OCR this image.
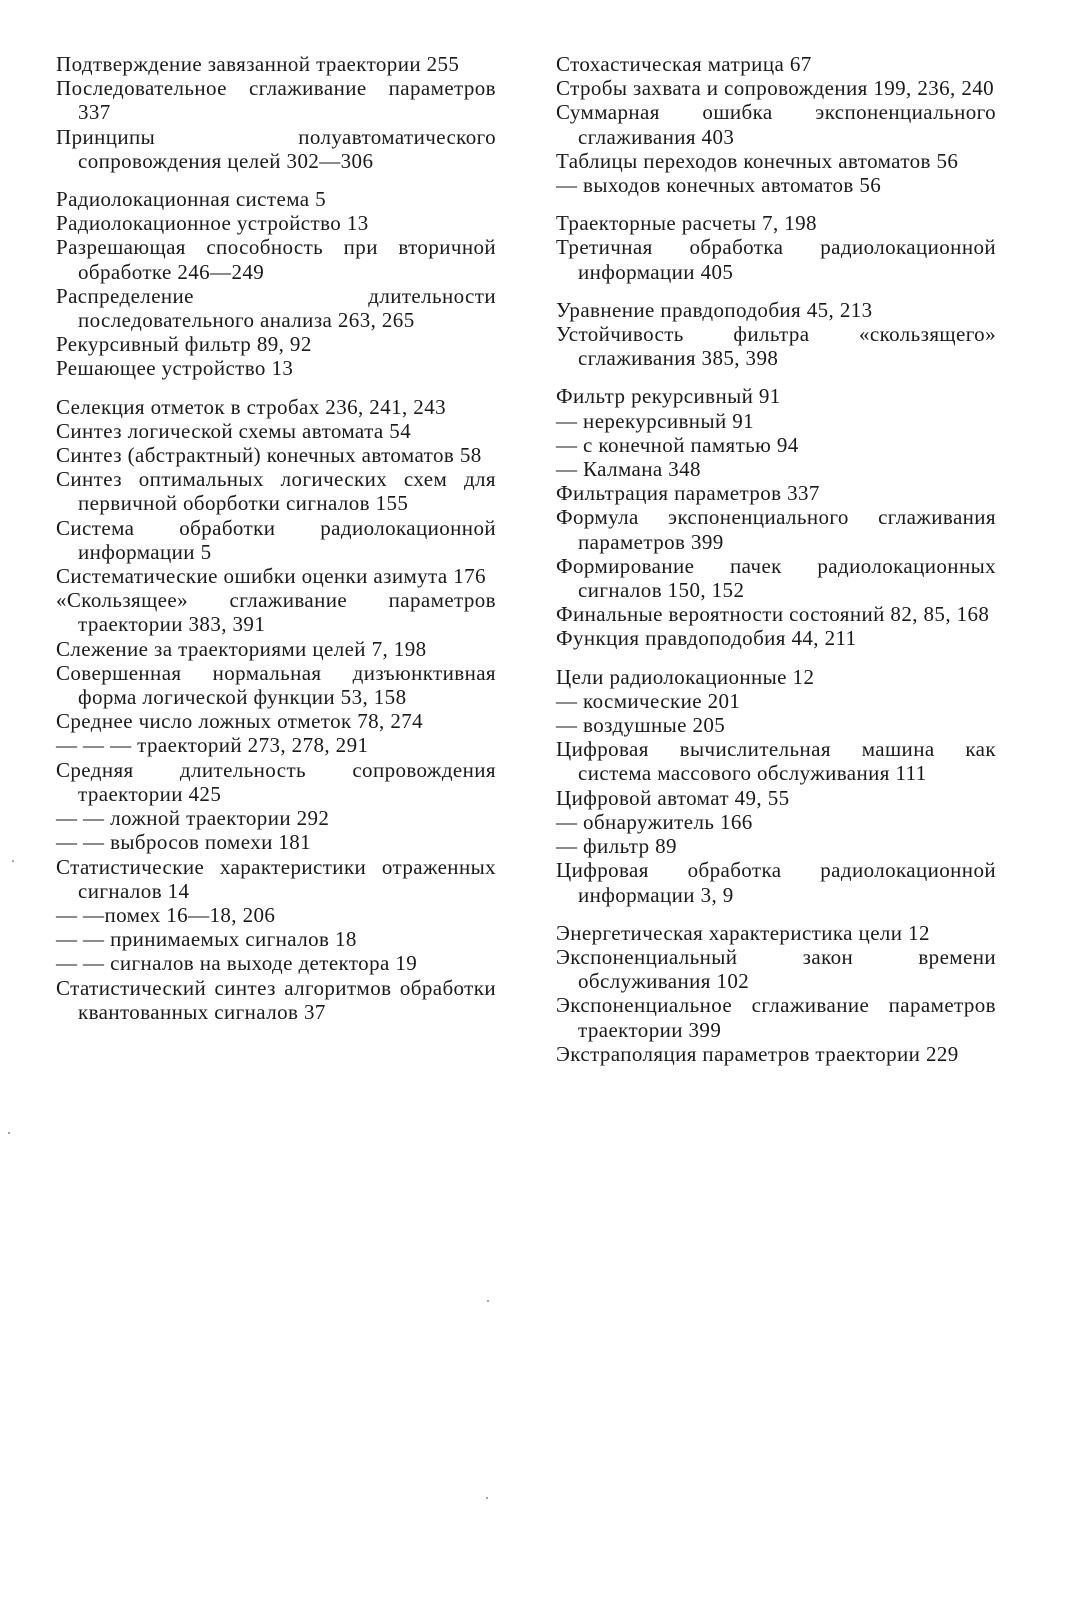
Подтверждение завязанной траектории 255

Последовательное сглаживание параметров 337

Принципы полуавтоматического сопровождения целей 302—306

Радиолокационная система 5

Радиолокационное устройство 13

Разрешающая способность при вторичной обработке 246—249

Распределение длительности последовательного анализа 263, 265

Рекурсивный фильтр 89, 92

Решающее устройство 13

Селекция отметок в стробах 236, 241, 243

Синтез логической схемы автомата 54

Синтез (абстрактный) конечных автоматов 58

Синтез оптимальных логических схем для первичной оборботки сигналов 155

Система обработки радиолокационной информации 5

Систематические ошибки оценки азимута 176

«Скользящее» сглаживание параметров траектории 383, 391

Слежение за траекториями целей 7, 198

Совершенная нормальная дизъюнктивная форма логической функции 53, 158

Среднее число ложных отметок 78, 274

— — — траекторий 273, 278, 291

Средняя длительность сопровождения траектории 425

— — ложной траектории 292

— — выбросов помехи 181

Статистические характеристики отраженных сигналов 14

— —помех 16—18, 206

— — принимаемых сигналов 18

— — сигналов на выходе детектора 19

Статистический синтез алгоритмов обработки квантованных сигналов 37

Стохастическая матрица 67

Стробы захвата и сопровождения 199, 236, 240

Суммарная ошибка экспоненциального сглаживания 403

Таблицы переходов конечных автоматов 56

— выходов конечных автоматов 56

Траекторные расчеты 7, 198

Третичная обработка радиолокационной информации 405

Уравнение правдоподобия 45, 213

Устойчивость фильтра «скользящего» сглаживания 385, 398

Фильтр рекурсивный 91

— нерекурсивный 91

— с конечной памятью 94

— Калмана 348

Фильтрация параметров 337

Формула экспоненциального сглаживания параметров 399

Формирование пачек радиолокационных сигналов 150, 152

Финальные вероятности состояний 82, 85, 168

Функция правдоподобия 44, 211

Цели радиолокационные 12

— космические 201

— воздушные 205

Цифровая вычислительная машина как система массового обслуживания 111

Цифровой автомат 49, 55

— обнаружитель 166

— фильтр 89

Цифровая обработка радиолокационной информации 3, 9

Энергетическая характеристика цели 12

Экспоненциальный закон времени обслуживания 102

Экспоненциальное сглаживание параметров траектории 399

Экстраполяция параметров траектории 229
